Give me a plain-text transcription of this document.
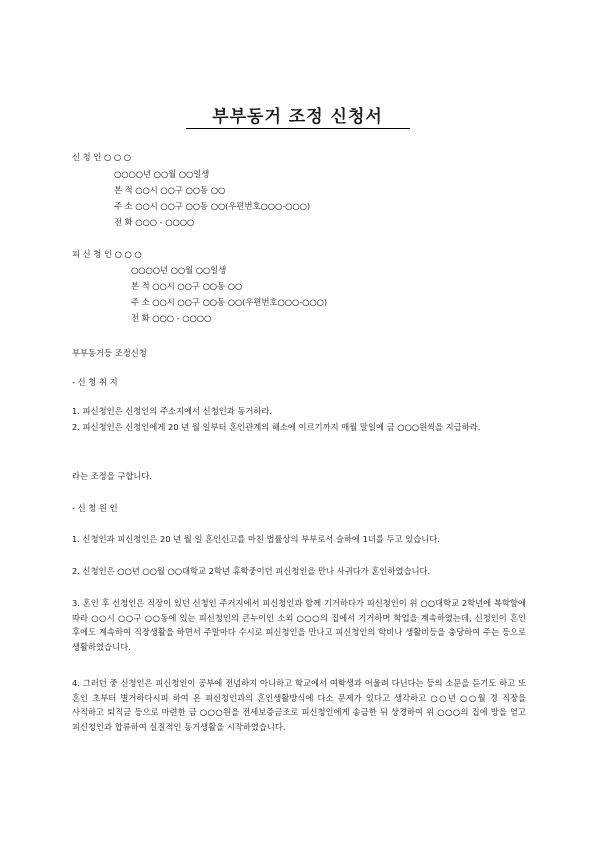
부부동거 조정 신청서
신 청 인 ○ ○ ○
○○○○년 ○○월 ○○일생
본 적 ○○시 ○○구 ○○동 ○○
주 소 ○○시 ○○구 ○○동 ○○(우편번호○○○-○○○)
전 화 ○○○ - ○○○○
피 신 청 인 ○ ○ ○
○○○○년 ○○월 ○○일생
본 적 ○○시 ○○구 ○○동 ○○
주 소 ○○시 ○○구 ○○동 ○○(우편번호○○○-○○○)
전 화 ○○○ - ○○○○
부부동거등 조정신청
- 신 청 취 지
1. 피신청인은 신청인의 주소지에서 신청인과 동거하라.
2. 피신청인은 신청인에게 20 년 월 일부터 혼인관계의 해소에 이르기까지 매월 말일에 금 ○○○원씩을 지급하라.
라는 조정을 구합니다.
- 신 청 원 인
1. 신청인과 피신청인은 20 년 월 일 혼인신고를 마친 법률상의 부부로서 슬하에 1녀를 두고 있습니다.
2. 신청인은 ○○년 ○○월 ○○대학교 2학년 휴학중이던 피신청인을 만나 사귀다가 혼인하였습니다.
3. 혼인 후 신청인은 직장이 있던 신청인 주거지에서 피신청인과 함께 기거하다가 피신청인이 위 ○○대학교 2학년에 복학함에 따라 ○○시 ○○구 ○○동에 있는 피신청인의 큰누이인 소외 ○○○의 집에서 기거하며 학업을 계속하였는데, 신청인이 혼인 후에도 계속하여 직장생활을 하면서 주말마다 수시로 피신청인을 만나고 피신청인의 학비나 생활비등을 충당하여 주는 등으로 생활하였습니다.
4. 그러던 중 신청인은 피신청인이 공부에 전념하지 아니하고 학교에서 여학생과 어울려 다닌다는 등의 소문을 듣기도 하고 또 혼인 초부터 별거하다시피 하여 온 피신청인과의 혼인생활방식에 다소 문제가 있다고 생각하고 ○○년 ○○월 경 직장을 사직하고 퇴직금 등으로 마련한 금 ○○○원을 전세보증금조로 피신청인에게 송금한 뒤 상경하여 위 ○○○의 집에 방을 얻고 피신청인과 합류하여 실질적인 동거생활을 시작하였습니다.
